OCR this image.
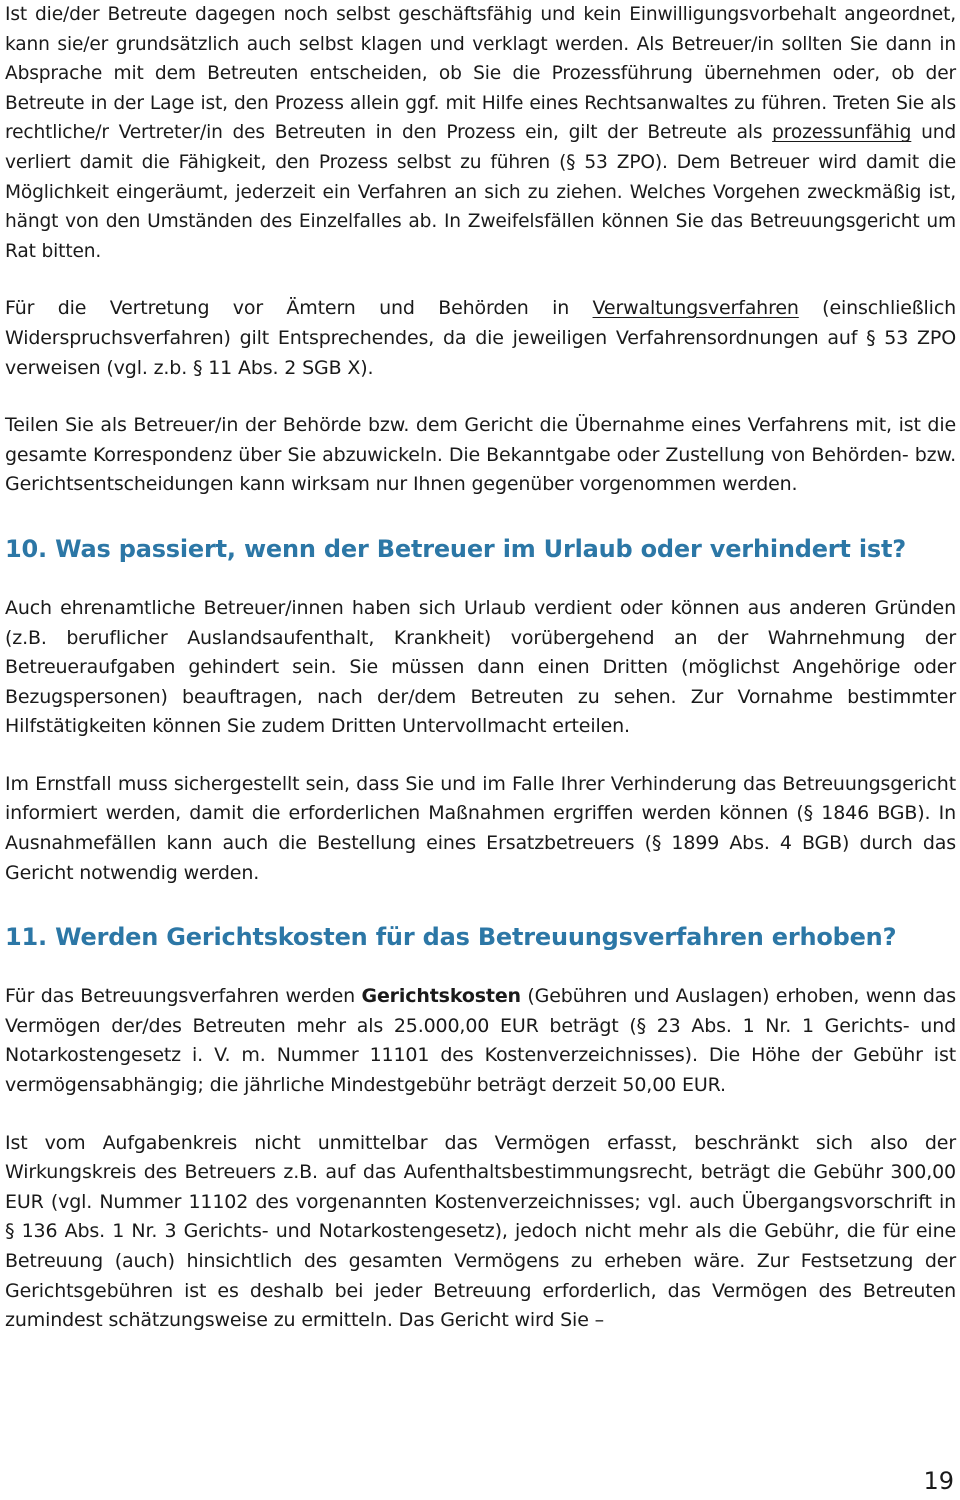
Ist die/der Betreute dagegen noch selbst geschäftsfähig und kein Einwilligungsvorbehalt angeordnet, kann sie/er grundsätzlich auch selbst klagen und verklagt werden. Als Betreuer/in sollten Sie dann in Absprache mit dem Betreuten entscheiden, ob Sie die Prozessführung übernehmen oder, ob der Betreute in der Lage ist, den Prozess allein ggf. mit Hilfe eines Rechtsanwaltes zu führen. Treten Sie als rechtliche/r Vertreter/in des Betreuten in den Prozess ein, gilt der Betreute als prozessunfähig und verliert damit die Fähigkeit, den Prozess selbst zu führen (§ 53 ZPO). Dem Betreuer wird damit die Möglichkeit eingeräumt, jederzeit ein Verfahren an sich zu ziehen. Welches Vorgehen zweckmäßig ist, hängt von den Umständen des Einzelfalles ab. In Zweifelsfällen können Sie das Betreuungsgericht um Rat bitten.

Für die Vertretung vor Ämtern und Behörden in Verwaltungsverfahren (einschließlich Widerspruchsverfahren) gilt Entsprechendes, da die jeweiligen Verfahrensordnungen auf § 53 ZPO verweisen (vgl. z.b. § 11 Abs. 2 SGB X).

Teilen Sie als Betreuer/in der Behörde bzw. dem Gericht die Übernahme eines Verfahrens mit, ist die gesamte Korrespondenz über Sie abzuwickeln. Die Bekanntgabe oder Zustellung von Behörden- bzw. Gerichtsentscheidungen kann wirksam nur Ihnen gegenüber vorgenommen werden.

10. Was passiert, wenn der Betreuer im Urlaub oder verhindert ist?

Auch ehrenamtliche Betreuer/innen haben sich Urlaub verdient oder können aus anderen Gründen (z.B. beruflicher Auslandsaufenthalt, Krankheit) vorübergehend an der Wahrnehmung der Betreueraufgaben gehindert sein. Sie müssen dann einen Dritten (möglichst Angehörige oder Bezugspersonen) beauftragen, nach der/dem Betreuten zu sehen. Zur Vornahme bestimmter Hilfstätigkeiten können Sie zudem Dritten Untervollmacht erteilen.

Im Ernstfall muss sichergestellt sein, dass Sie und im Falle Ihrer Verhinderung das Betreuungsgericht informiert werden, damit die erforderlichen Maßnahmen ergriffen werden können (§ 1846 BGB). In Ausnahmefällen kann auch die Bestellung eines Ersatzbetreuers (§ 1899 Abs. 4 BGB) durch das Gericht notwendig werden.

11. Werden Gerichtskosten für das Betreuungsverfahren erhoben?

Für das Betreuungsverfahren werden Gerichtskosten (Gebühren und Auslagen) erhoben, wenn das Vermögen der/des Betreuten mehr als 25.000,00 EUR beträgt (§ 23 Abs. 1 Nr. 1 Gerichts- und Notarkostengesetz i. V. m. Nummer 11101 des Kostenverzeichnisses). Die Höhe der Gebühr ist vermögensabhängig; die jährliche Mindestgebühr beträgt derzeit 50,00 EUR.

Ist vom Aufgabenkreis nicht unmittelbar das Vermögen erfasst, beschränkt sich also der Wirkungskreis des Betreuers z.B. auf das Aufenthaltsbestimmungsrecht, beträgt die Gebühr 300,00 EUR (vgl. Nummer 11102 des vorgenannten Kostenverzeichnisses; vgl. auch Übergangsvorschrift in § 136 Abs. 1 Nr. 3 Gerichts- und Notarkostengesetz), jedoch nicht mehr als die Gebühr, die für eine Betreuung (auch) hinsichtlich des gesamten Vermögens zu erheben wäre. Zur Festsetzung der Gerichtsgebühren ist es deshalb bei jeder Betreuung erforderlich, das Vermögen des Betreuten zumindest schätzungsweise zu ermitteln. Das Gericht wird Sie –

19
